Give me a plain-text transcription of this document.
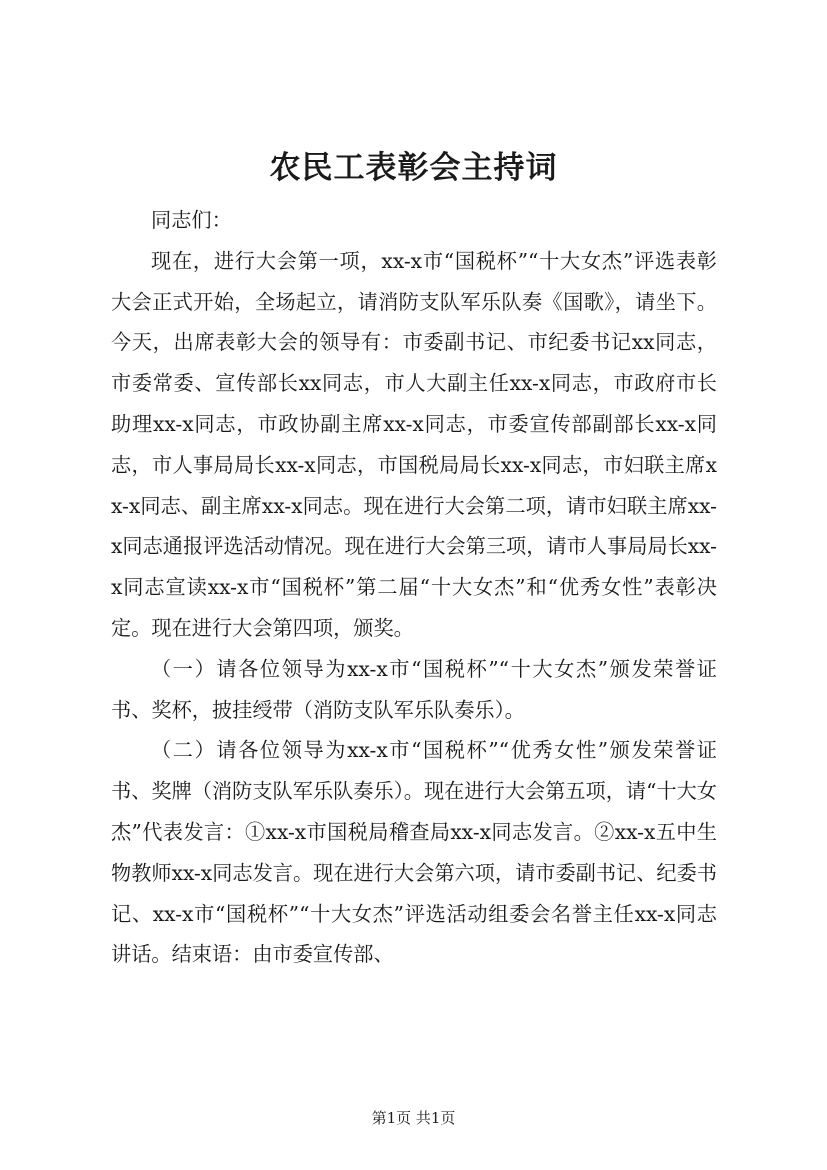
农民工表彰会主持词

同志们：

现在，进行大会第一项，xx-x市“国税杯”“十大女杰”评选表彰大会正式开始，全场起立，请消防支队军乐队奏《国歌》，请坐下。今天，出席表彰大会的领导有：市委副书记、市纪委书记xx同志，市委常委、宣传部长xx同志，市人大副主任xx-x同志，市政府市长助理xx-x同志，市政协副主席xx-x同志，市委宣传部副部长xx-x同志，市人事局局长xx-x同志，市国税局局长xx-x同志，市妇联主席xx-x同志、副主席xx-x同志。现在进行大会第二项，请市妇联主席xx-x同志通报评选活动情况。现在进行大会第三项，请市人事局局长xx-x同志宣读xx-x市“国税杯”第二届“十大女杰”和“优秀女性”表彰决定。现在进行大会第四项，颁奖。

（一）请各位领导为xx-x市“国税杯”“十大女杰”颁发荣誉证书、奖杯，披挂绶带（消防支队军乐队奏乐）。

（二）请各位领导为xx-x市“国税杯”“优秀女性”颁发荣誉证书、奖牌（消防支队军乐队奏乐）。现在进行大会第五项，请“十大女杰”代表发言：①xx-x市国税局稽查局xx-x同志发言。②xx-x五中生物教师xx-x同志发言。现在进行大会第六项，请市委副书记、纪委书记、xx-x市“国税杯”“十大女杰”评选活动组委会名誉主任xx-x同志讲话。结束语：由市委宣传部、

第1页 共1页
